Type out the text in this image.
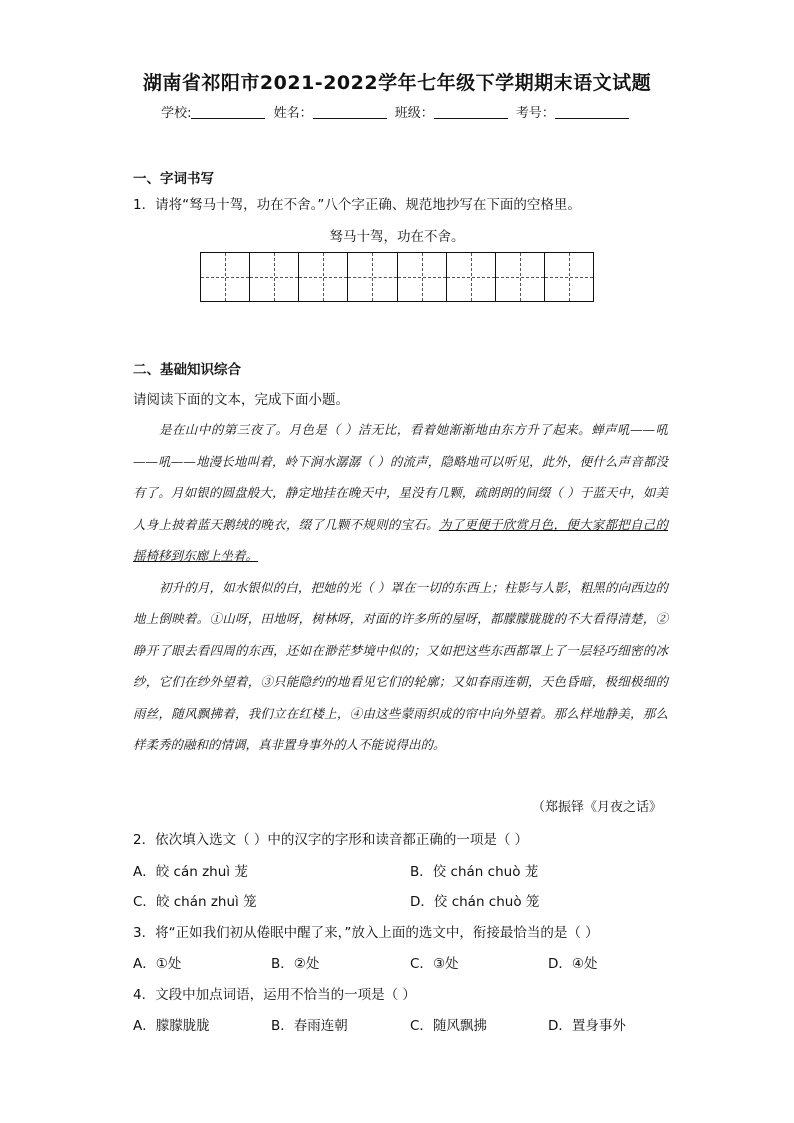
湖南省祁阳市2021-2022学年七年级下学期期末语文试题
学校:	姓名：	班级：	考号：
一、字词书写
1．请将“驽马十驾，功在不舍。”八个字正确、规范地抄写在下面的空格里。
驽马十驾，功在不舍。
二、基础知识综合
请阅读下面的文本，完成下面小题。

是在山中的第三夜了。月色是（ ）洁无比，看着她渐渐地由东方升了起来。蝉声吼——吼——吼——地漫长地叫着，岭下涧水潺潺（ ）的流声，隐略地可以听见，此外，便什么声音都没有了。月如银的圆盘般大，静定地挂在晚天中，星没有几颗，疏朗朗的间缀（ ）于蓝天中，如美人身上披着蓝天鹅绒的晚衣，缀了几颗不规则的宝石。为了更便于欣赏月色，便大家都把自己的摇椅移到东廊上坐着。

初升的月，如水银似的白，把她的光（ ）罩在一切的东西上；柱影与人影，粗黑的向西边的地上倒映着。①山呀，田地呀，树林呀，对面的许多所的屋呀，都朦朦胧胧的不大看得清楚，②睁开了眼去看四周的东西，还如在渺茫梦境中似的；又如把这些东西都罩上了一层轻巧细密的冰纱，它们在纱外望着，③只能隐约的地看见它们的轮廓；又如春雨连朝，天色昏暗，极细极细的雨丝，随风飘拂着，我们立在红楼上，④由这些蒙雨织成的帘中向外望着。那么样地静美，那么样柔秀的融和的情调，真非置身事外的人不能说得出的。

（郑振铎《月夜之话》
2．依次填入选文（ ）中的汉字的字形和读音都正确的一项是（ ）
A．皎 cán zhuì 茏	B．佼 chán chuò 茏
C．皎 chán zhuì 笼	D．佼 chán chuò 笼
3．将“正如我们初从倦眠中醒了来，”放入上面的选文中，衔接最恰当的是（ ）
A．①处	B．②处	C．③处	D．④处
4．文段中加点词语，运用不恰当的一项是（ ）
A．朦朦胧胧	B．春雨连朝	C．随风飘拂	D．置身事外
